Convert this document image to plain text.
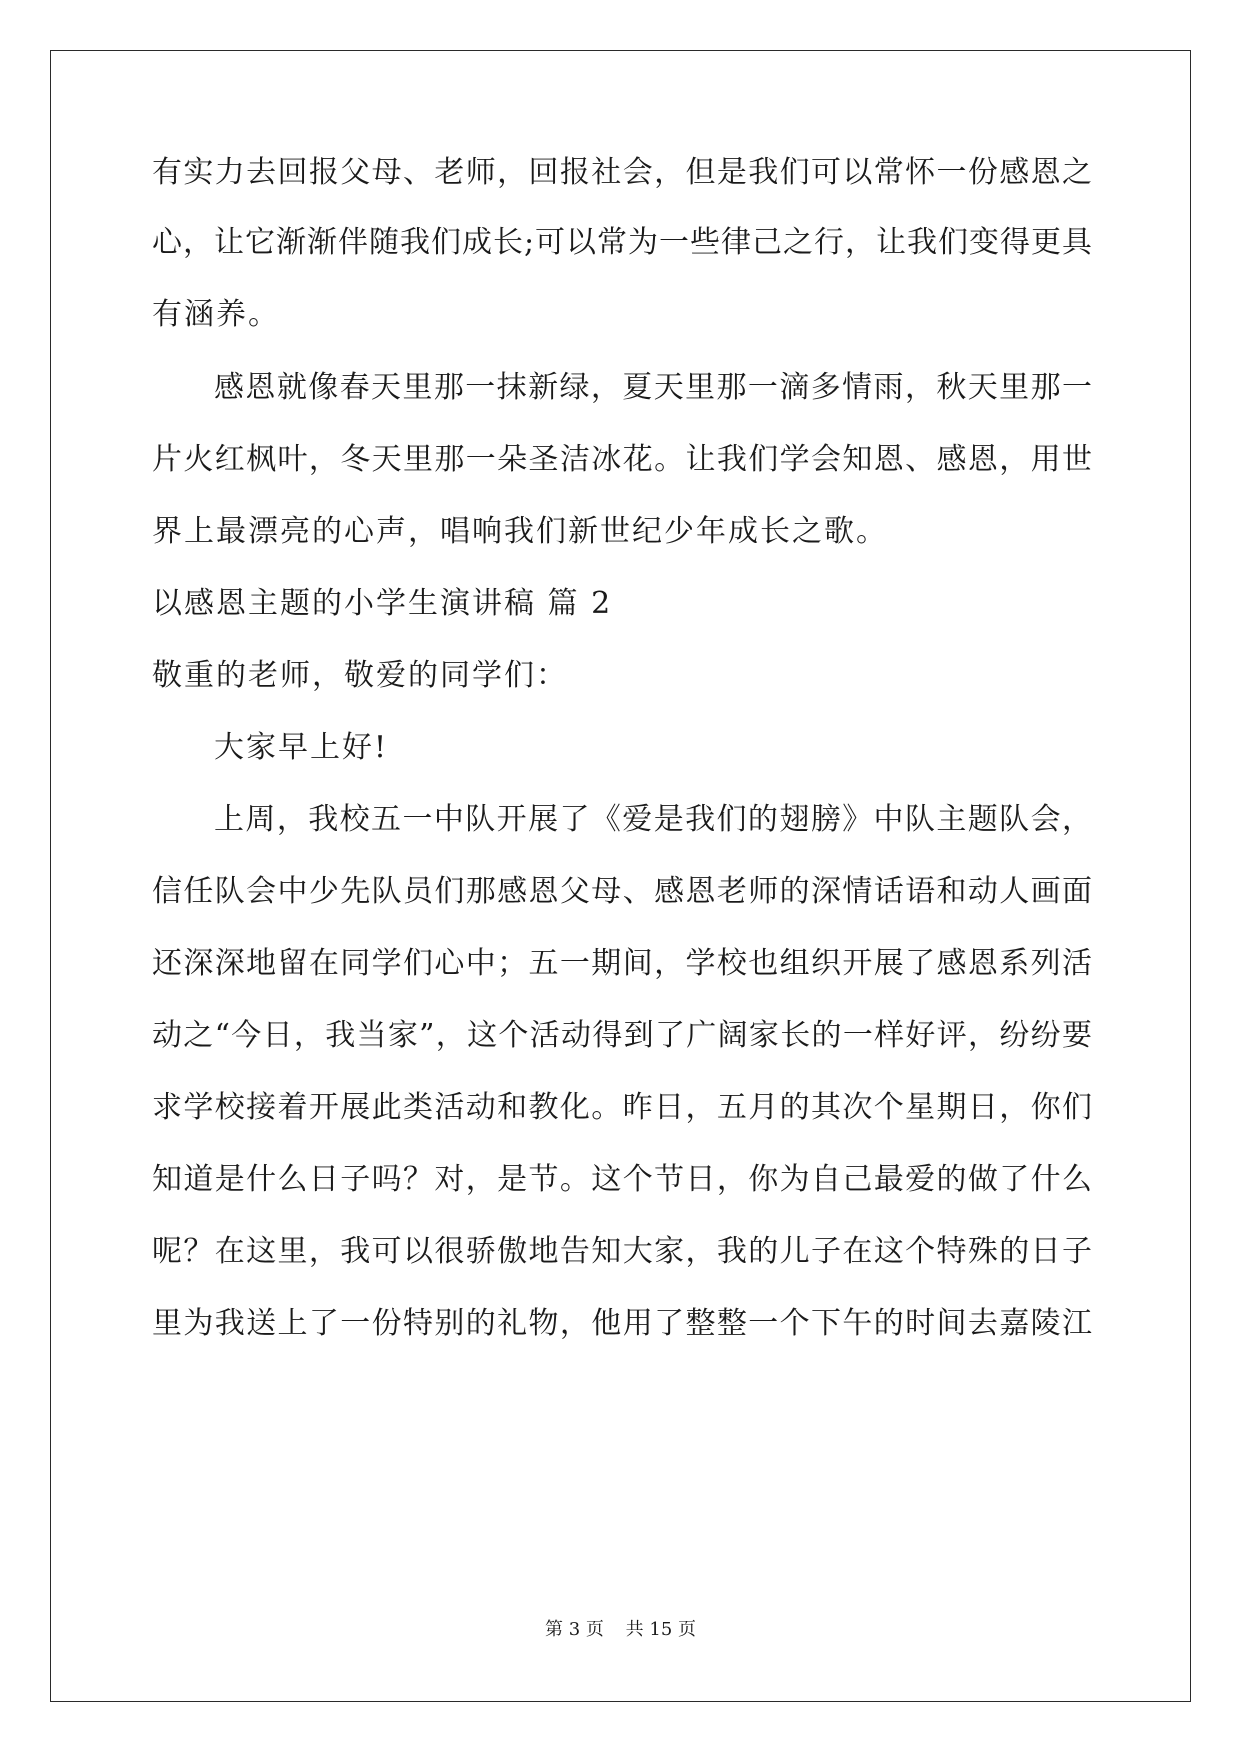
有实力去回报父母、老师，回报社会，但是我们可以常怀一份感恩之
心，让它渐渐伴随我们成长;可以常为一些律己之行，让我们变得更具
有涵养。
感恩就像春天里那一抹新绿，夏天里那一滴多情雨，秋天里那一
片火红枫叶，冬天里那一朵圣洁冰花。让我们学会知恩、感恩，用世
界上最漂亮的心声，唱响我们新世纪少年成长之歌。
以感恩主题的小学生演讲稿 篇 2
敬重的老师，敬爱的同学们：
大家早上好!
上周，我校五一中队开展了《爱是我们的翅膀》中队主题队会，
信任队会中少先队员们那感恩父母、感恩老师的深情话语和动人画面
还深深地留在同学们心中；五一期间，学校也组织开展了感恩系列活
动之“今日，我当家”，这个活动得到了广阔家长的一样好评，纷纷要
求学校接着开展此类活动和教化。昨日，五月的其次个星期日，你们
知道是什么日子吗？对，是节。这个节日，你为自己最爱的做了什么
呢？在这里，我可以很骄傲地告知大家，我的儿子在这个特殊的日子
里为我送上了一份特别的礼物，他用了整整一个下午的时间去嘉陵江
第 3 页 共 15 页
